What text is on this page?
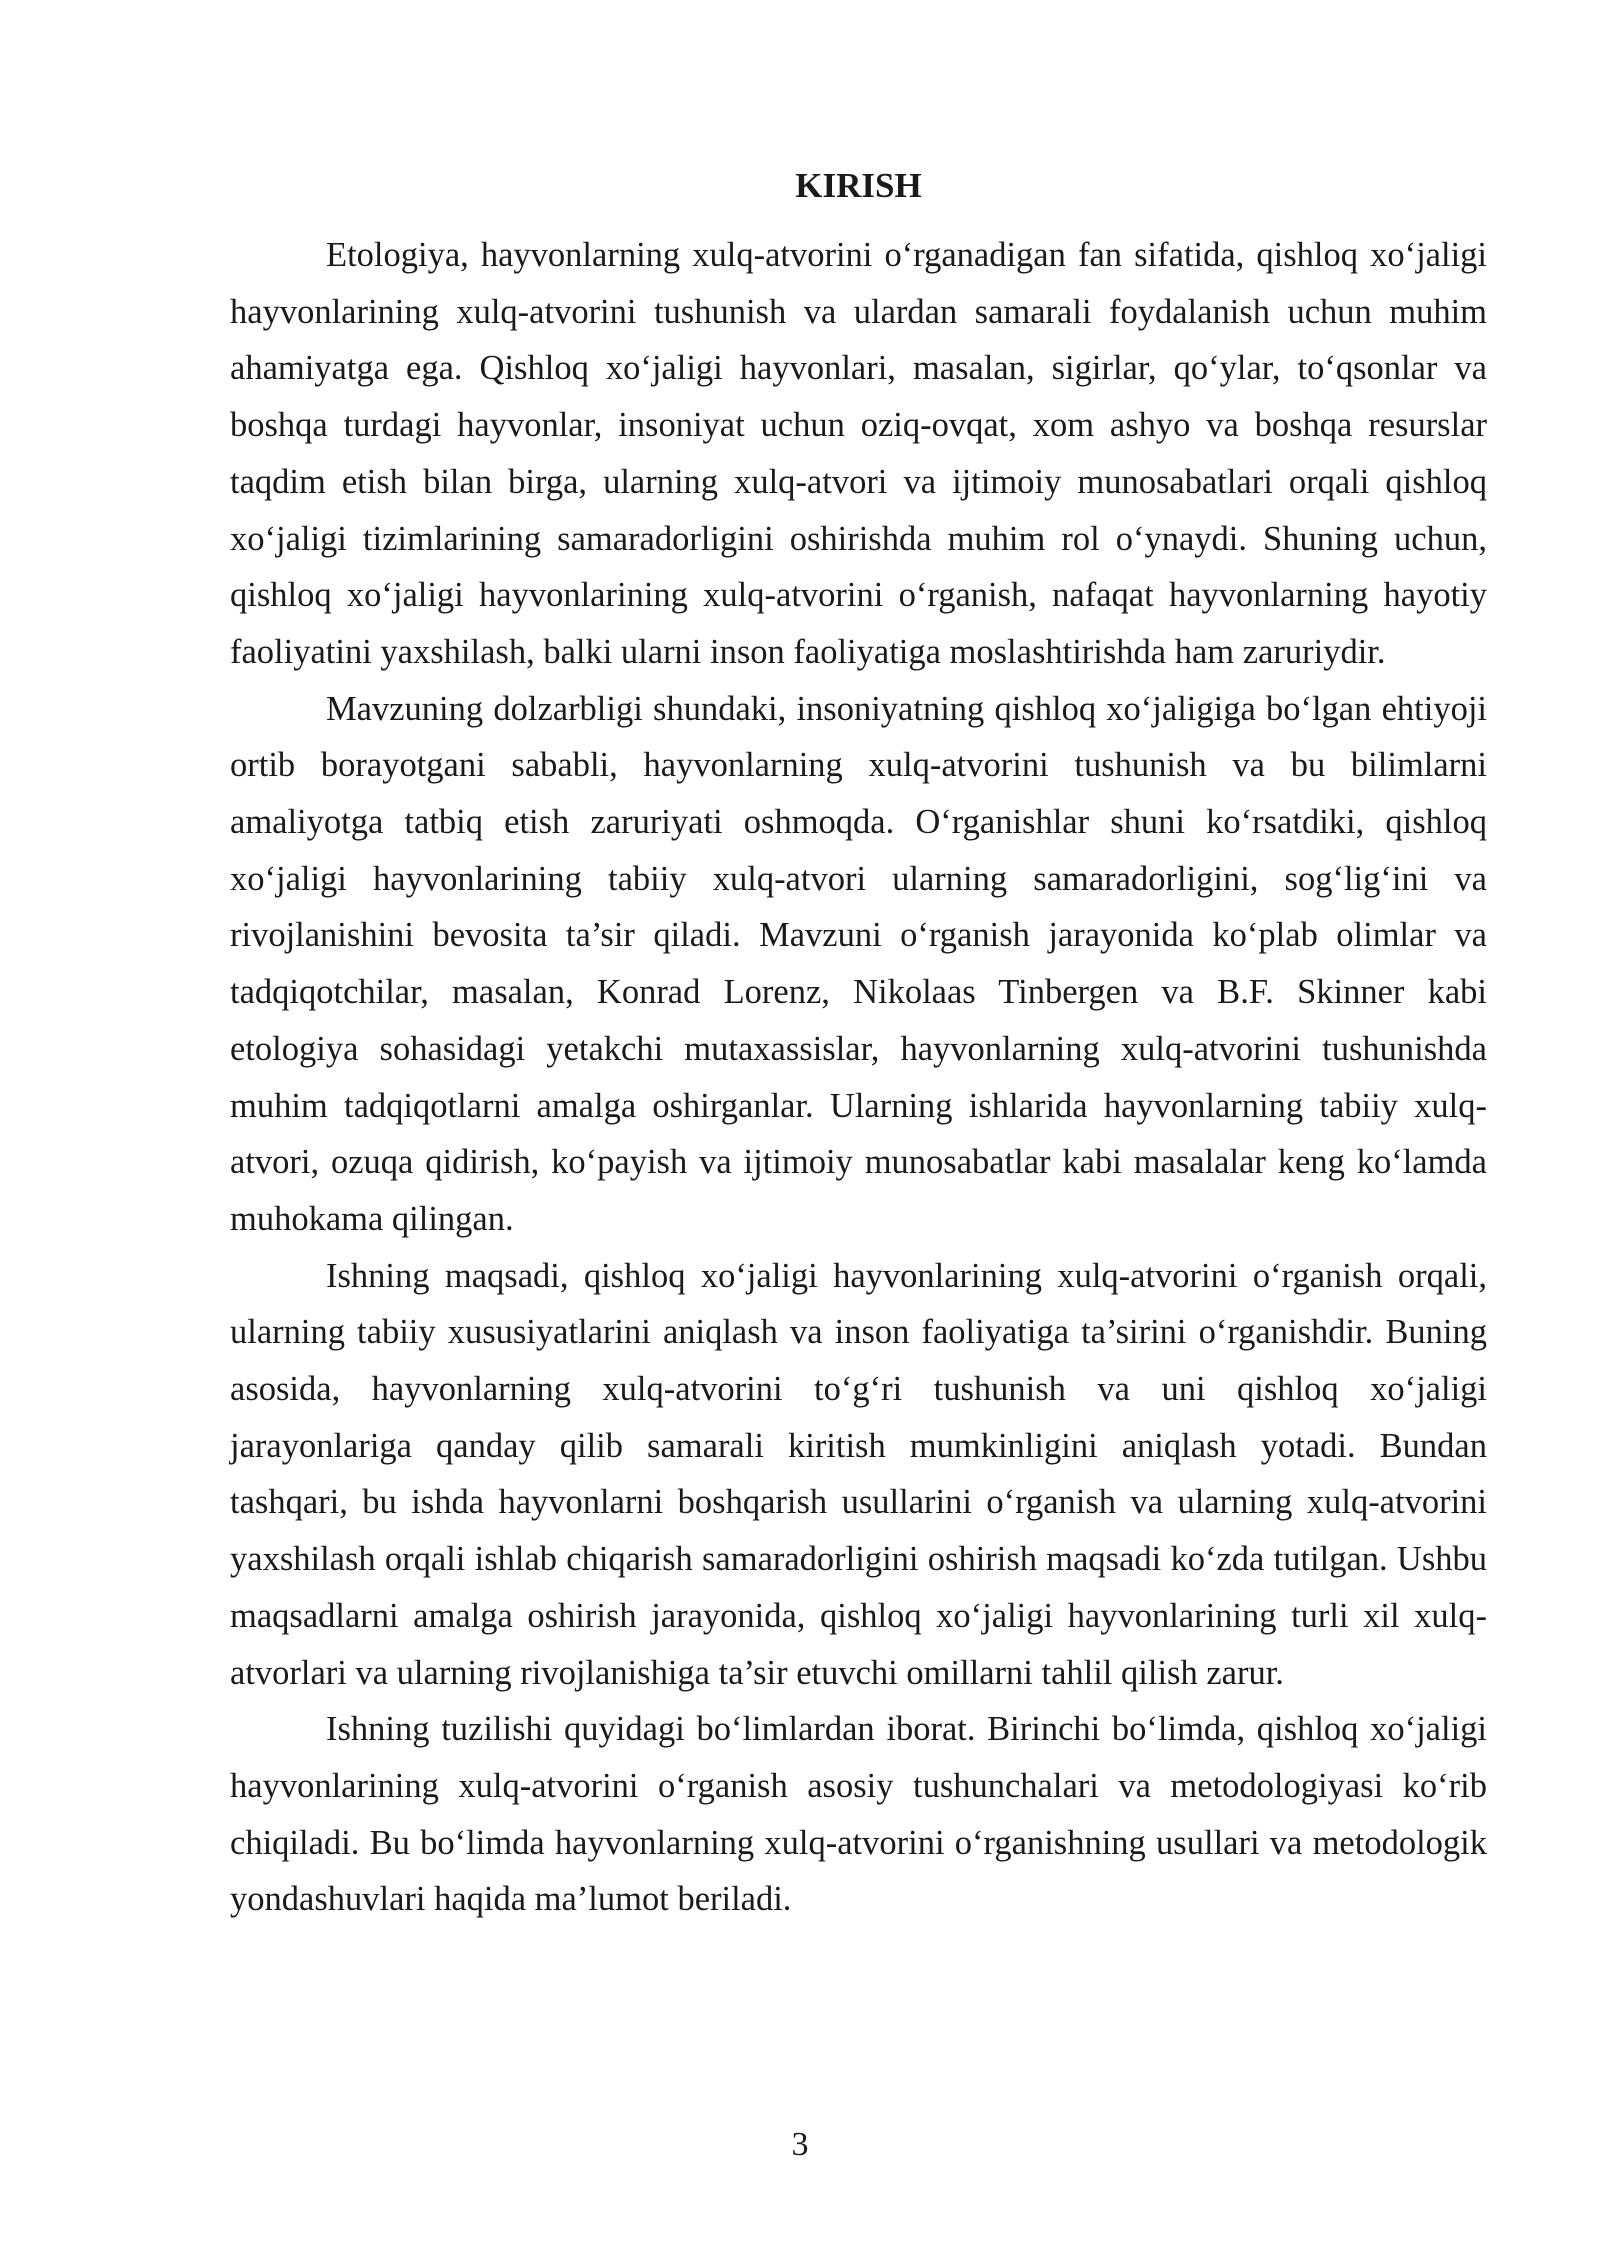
KIRISH

Etologiya, hayvonlarning xulq-atvorini o‘rganadigan fan sifatida, qishloq xo‘jaligi hayvonlarining xulq-atvorini tushunish va ulardan samarali foydalanish uchun muhim ahamiyatga ega. Qishloq xo‘jaligi hayvonlari, masalan, sigirlar, qo‘ylar, to‘qsonlar va boshqa turdagi hayvonlar, insoniyat uchun oziq-ovqat, xom ashyo va boshqa resurslar taqdim etish bilan birga, ularning xulq-atvori va ijtimoiy munosabatlari orqali qishloq xo‘jaligi tizimlarining samaradorligini oshirishda muhim rol o‘ynaydi. Shuning uchun, qishloq xo‘jaligi hayvonlarining xulq-atvorini o‘rganish, nafaqat hayvonlarning hayotiy faoliyatini yaxshilash, balki ularni inson faoliyatiga moslashtirishda ham zaruriydir.

Mavzuning dolzarbligi shundaki, insoniyatning qishloq xo‘jaligiga bo‘lgan ehtiyoji ortib borayotgani sababli, hayvonlarning xulq-atvorini tushunish va bu bilimlarni amaliyotga tatbiq etish zaruriyati oshmoqda. O‘rganishlar shuni ko‘rsatdiki, qishloq xo‘jaligi hayvonlarining tabiiy xulq-atvori ularning samaradorligini, sog‘lig‘ini va rivojlanishini bevosita ta’sir qiladi. Mavzuni o‘rganish jarayonida ko‘plab olimlar va tadqiqotchilar, masalan, Konrad Lorenz, Nikolaas Tinbergen va B.F. Skinner kabi etologiya sohasidagi yetakchi mutaxassislar, hayvonlarning xulq-atvorini tushunishda muhim tadqiqotlarni amalga oshirganlar. Ularning ishlarida hayvonlarning tabiiy xulq-atvori, ozuqa qidirish, ko‘payish va ijtimoiy munosabatlar kabi masalalar keng ko‘lamda muhokama qilingan.

Ishning maqsadi, qishloq xo‘jaligi hayvonlarining xulq-atvorini o‘rganish orqali, ularning tabiiy xususiyatlarini aniqlash va inson faoliyatiga ta’sirini o‘rganishdir. Buning asosida, hayvonlarning xulq-atvorini to‘g‘ri tushunish va uni qishloq xo‘jaligi jarayonlariga qanday qilib samarali kiritish mumkinligini aniqlash yotadi. Bundan tashqari, bu ishda hayvonlarni boshqarish usullarini o‘rganish va ularning xulq-atvorini yaxshilash orqali ishlab chiqarish samaradorligini oshirish maqsadi ko‘zda tutilgan. Ushbu maqsadlarni amalga oshirish jarayonida, qishloq xo‘jaligi hayvonlarining turli xil xulq-atvorlari va ularning rivojlanishiga ta’sir etuvchi omillarni tahlil qilish zarur.

Ishning tuzilishi quyidagi bo‘limlardan iborat. Birinchi bo‘limda, qishloq xo‘jaligi hayvonlarining xulq-atvorini o‘rganish asosiy tushunchalari va metodologiyasi ko‘rib chiqiladi. Bu bo‘limda hayvonlarning xulq-atvorini o‘rganishning usullari va metodologik yondashuvlari haqida ma’lumot beriladi.

3
